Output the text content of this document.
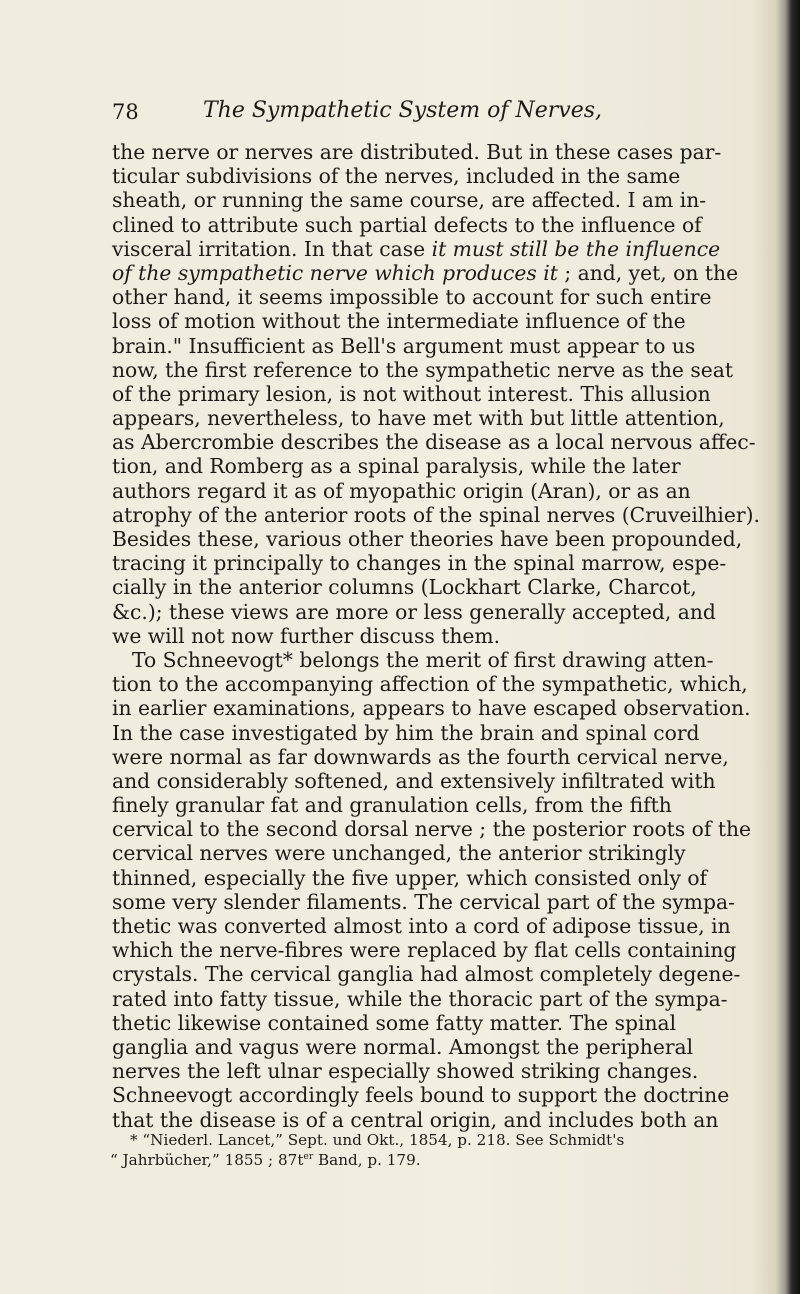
78	The Sympathetic System of Nerves,
the nerve or nerves are distributed. But in these cases par-
ticular subdivisions of the nerves, included in the same
sheath, or running the same course, are affected. I am in-
clined to attribute such partial defects to the influence of
visceral irritation. In that case it must still be the influence
of the sympathetic nerve which produces it ; and, yet, on the
other hand, it seems impossible to account for such entire
loss of motion without the intermediate influence of the
brain." Insufficient as Bell's argument must appear to us
now, the first reference to the sympathetic nerve as the seat
of the primary lesion, is not without interest. This allusion
appears, nevertheless, to have met with but little attention,
as Abercrombie describes the disease as a local nervous affec-
tion, and Romberg as a spinal paralysis, while the later
authors regard it as of myopathic origin (Aran), or as an
atrophy of the anterior roots of the spinal nerves (Cruveilhier).
Besides these, various other theories have been propounded,
tracing it principally to changes in the spinal marrow, espe-
cially in the anterior columns (Lockhart Clarke, Charcot,
&c.); these views are more or less generally accepted, and
we will not now further discuss them.
To Schneevogt* belongs the merit of first drawing atten-
tion to the accompanying affection of the sympathetic, which,
in earlier examinations, appears to have escaped observation.
In the case investigated by him the brain and spinal cord
were normal as far downwards as the fourth cervical nerve,
and considerably softened, and extensively infiltrated with
finely granular fat and granulation cells, from the fifth
cervical to the second dorsal nerve ; the posterior roots of the
cervical nerves were unchanged, the anterior strikingly
thinned, especially the five upper, which consisted only of
some very slender filaments. The cervical part of the sympa-
thetic was converted almost into a cord of adipose tissue, in
which the nerve-fibres were replaced by flat cells containing
crystals. The cervical ganglia had almost completely degene-
rated into fatty tissue, while the thoracic part of the sympa-
thetic likewise contained some fatty matter. The spinal
ganglia and vagus were normal. Amongst the peripheral
nerves the left ulnar especially showed striking changes.
Schneevogt accordingly feels bound to support the doctrine
that the disease is of a central origin, and includes both an
* “Niederl. Lancet,” Sept. und Okt., 1854, p. 218. See Schmidt's
“ Jahrbücher,” 1855 ; $87t^{er}$ Band, p. 179.
